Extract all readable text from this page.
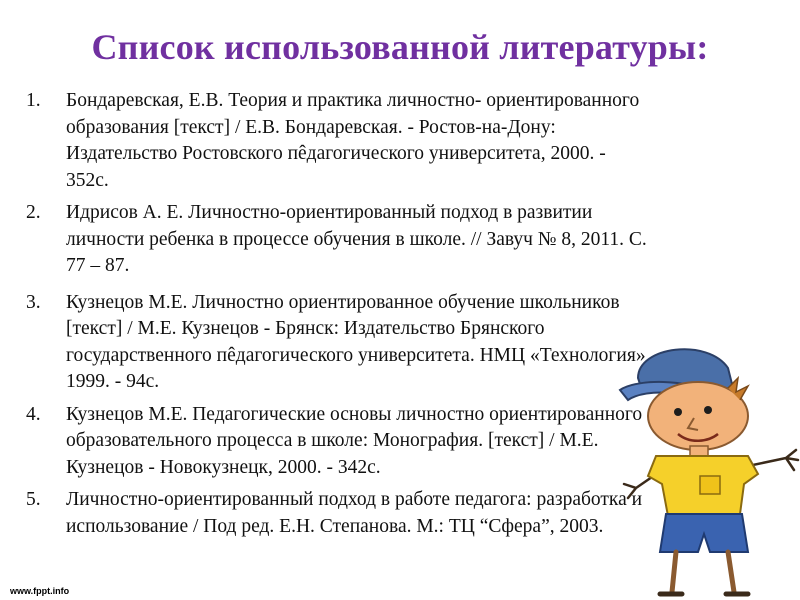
Список использованной литературы:
1. Бондаревская, Е.В. Теория и практика личностно- ориентированного
образования [текст] / Е.В. Бондаревская. - Ростов-на-Дону:
Издательство Ростовского пêдагогического университета, 2000. -
352с.
2. Идрисов А. Е. Личностно-ориентированный подход в развитии
личности ребенка в процессе обучения в школе. // Завуч № 8, 2011. С.
77 – 87.
3. Кузнецов М.Е. Личностно ориентированное обучение школьников
[текст] / М.Е. Кузнецов - Брянск: Издательство Брянского
государственного пêдагогического университета. НМЦ «Технология»
1999. - 94с.
4. Кузнецов М.Е. Педагогические основы личностно ориентированного
образовательного процесса в школе: Монография. [текст] / М.Е.
Кузнецов - Новокузнецк, 2000. - 342с.
5. Личностно-ориентированный подход в работе педагога: разработка и
использование / Под ред. Е.Н. Степанова. М.: ТЦ “Сфера”, 2003.
www.fppt.info
